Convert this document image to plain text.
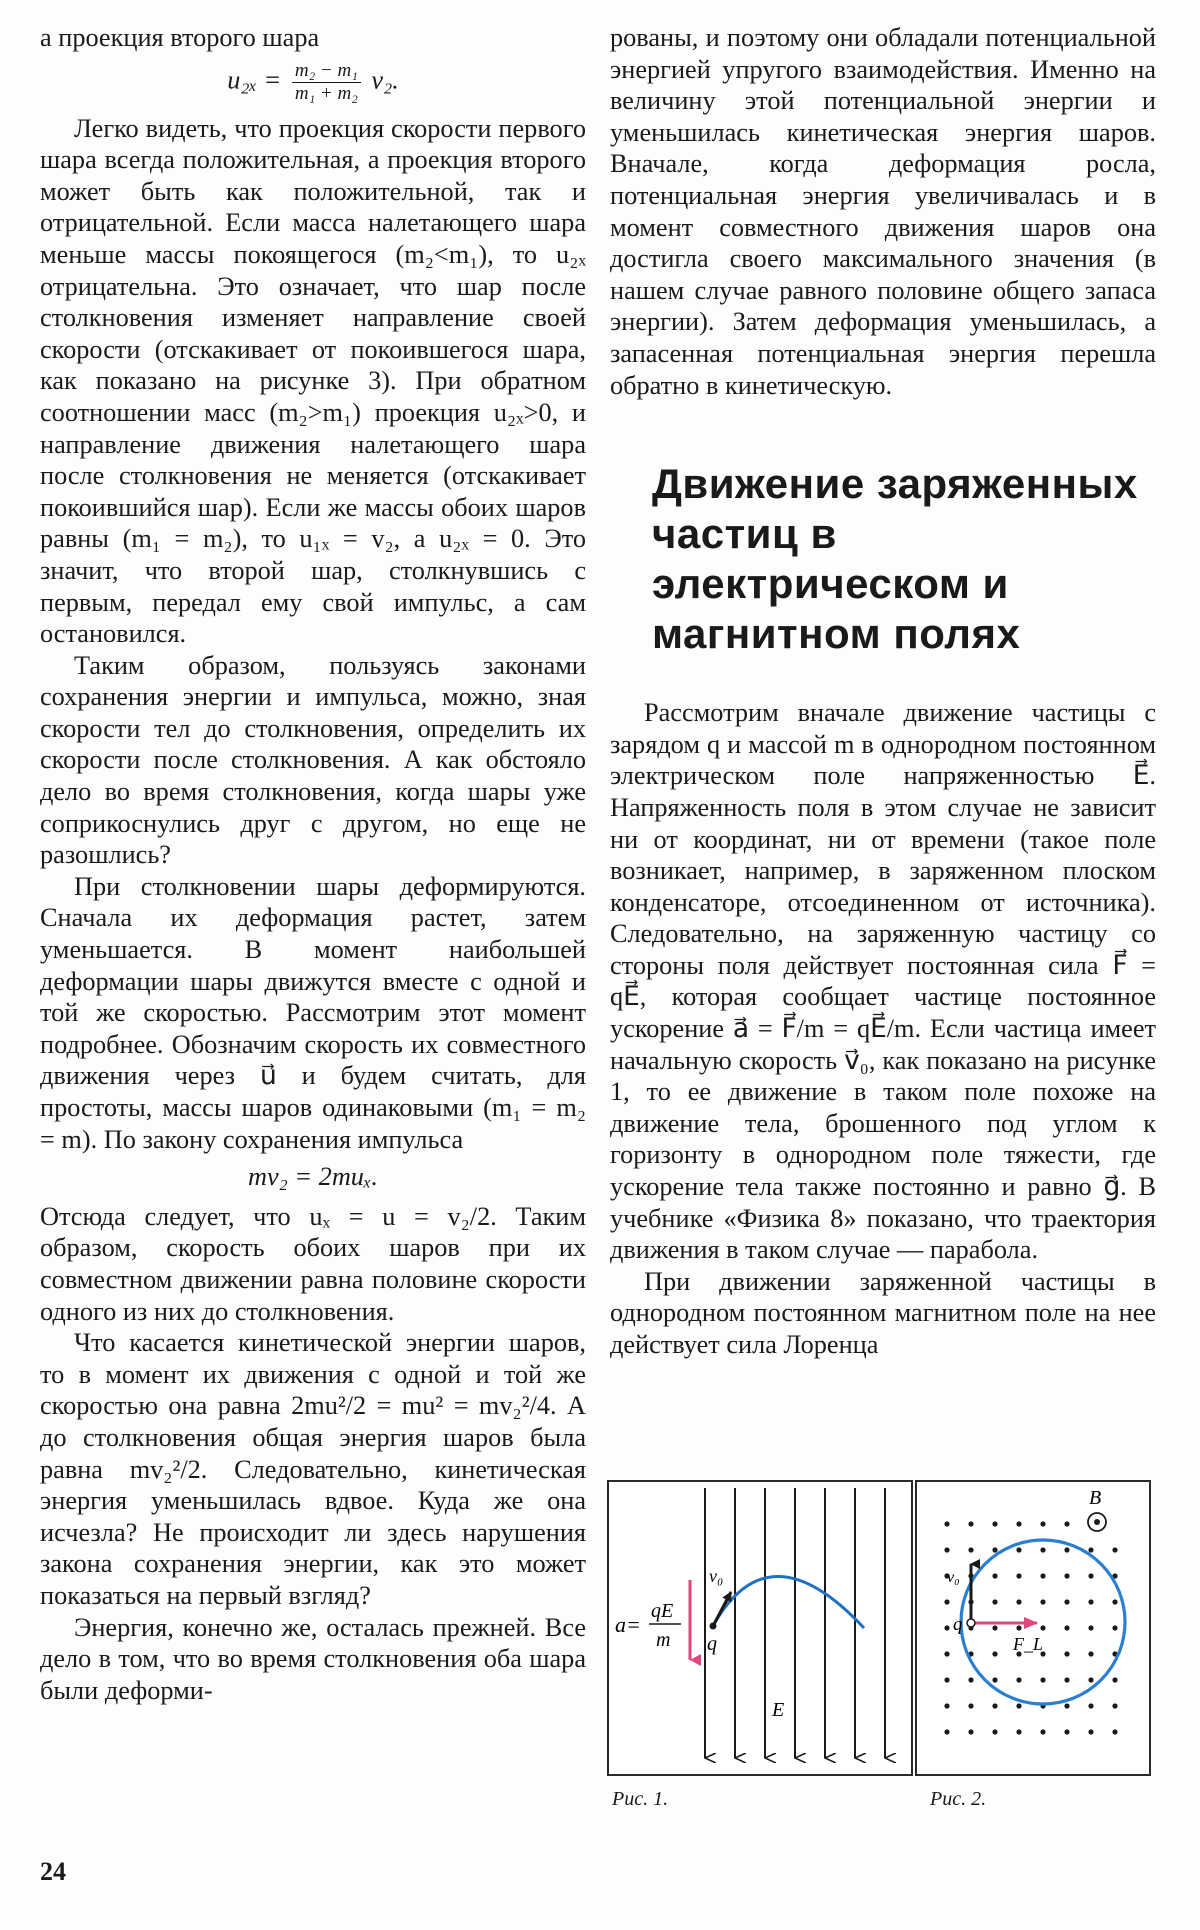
а проекция второго шара

$u_{2x} = \frac{\text{m₂ − m₁}}{\text{m₁ + m₂}} v_2$.

Легко видеть, что проекция скорости первого шара всегда положительная, а проекция второго может быть как положительной, так и отрицательной. Если масса налетающего шара меньше массы покоящегося (m₂<m₁), то u₂ₓ отрицательна. Это означает, что шар после столкновения изменяет направление своей скорости (отскакивает от покоившегося шара, как показано на рисунке 3). При обратном соотношении масс (m₂>m₁) проекция u₂ₓ>0, и направление движения налетающего шара после столкновения не меняется (отскакивает покоившийся шар). Если же массы обоих шаров равны (m₁ = m₂), то u₁ₓ = v₂, а u₂ₓ = 0. Это значит, что второй шар, столкнувшись с первым, передал ему свой импульс, а сам остановился.

Таким образом, пользуясь законами сохранения энергии и импульса, можно, зная скорости тел до столкновения, определить их скорости после столкновения. А как обстояло дело во время столкновения, когда шары уже соприкоснулись друг с другом, но еще не разошлись?

При столкновении шары деформируются. Сначала их деформация растет, затем уменьшается. В момент наибольшей деформации шары движутся вместе с одной и той же скоростью. Рассмотрим этот момент подробнее. Обозначим скорость их совместного движения через u⃗ и будем считать, для простоты, массы шаров одинаковыми (m₁ = m₂ = m). По закону сохранения импульса

mv₂ = 2muₓ.

Отсюда следует, что uₓ = u = v₂/2. Таким образом, скорость обоих шаров при их совместном движении равна половине скорости одного из них до столкновения.

Что касается кинетической энергии шаров, то в момент их движения с одной и той же скоростью она равна 2mu²/2 = mu² = mv₂²/4. А до столкновения общая энергия шаров была равна mv₂²/2. Следовательно, кинетическая энергия уменьшилась вдвое. Куда же она исчезла? Не происходит ли здесь нарушения закона сохранения энергии, как это может показаться на первый взгляд?

Энергия, конечно же, осталась прежней. Все дело в том, что во время столкновения оба шара были деформи-

рованы, и поэтому они обладали потенциальной энергией упругого взаимодействия. Именно на величину этой потенциальной энергии и уменьшилась кинетическая энергия шаров. Вначале, когда деформация росла, потенциальная энергия увеличивалась и в момент совместного движения шаров она достигла своего максимального значения (в нашем случае равного половине общего запаса энергии). Затем деформация уменьшилась, а запасенная потенциальная энергия перешла обратно в кинетическую.

Движение заряженных частиц в электрическом и магнитном полях

Рассмотрим вначале движение частицы с зарядом q и массой m в однородном постоянном электрическом поле напряженностью E⃗. Напряженность поля в этом случае не зависит ни от координат, ни от времени (такое поле возникает, например, в заряженном плоском конденсаторе, отсоединенном от источника). Следовательно, на заряженную частицу со стороны поля действует постоянная сила F⃗ = qE⃗, которая сообщает частице постоянное ускорение a⃗ = F⃗/m = qE⃗/m. Если частица имеет начальную скорость v⃗₀, как показано на рисунке 1, то ее движение в таком поле похоже на движение тела, брошенного под углом к горизонту в однородном поле тяжести, где ускорение тела также постоянно и равно g⃗. В учебнике «Физика 8» показано, что траектория движения в таком случае — парабола.

При движении заряженной частицы в однородном постоянном магнитном поле на нее действует сила Лоренца

a=
qE
m
v₀
q
E
B
v₀
q
F_L
Рис. 1.	Рис. 2.
24
